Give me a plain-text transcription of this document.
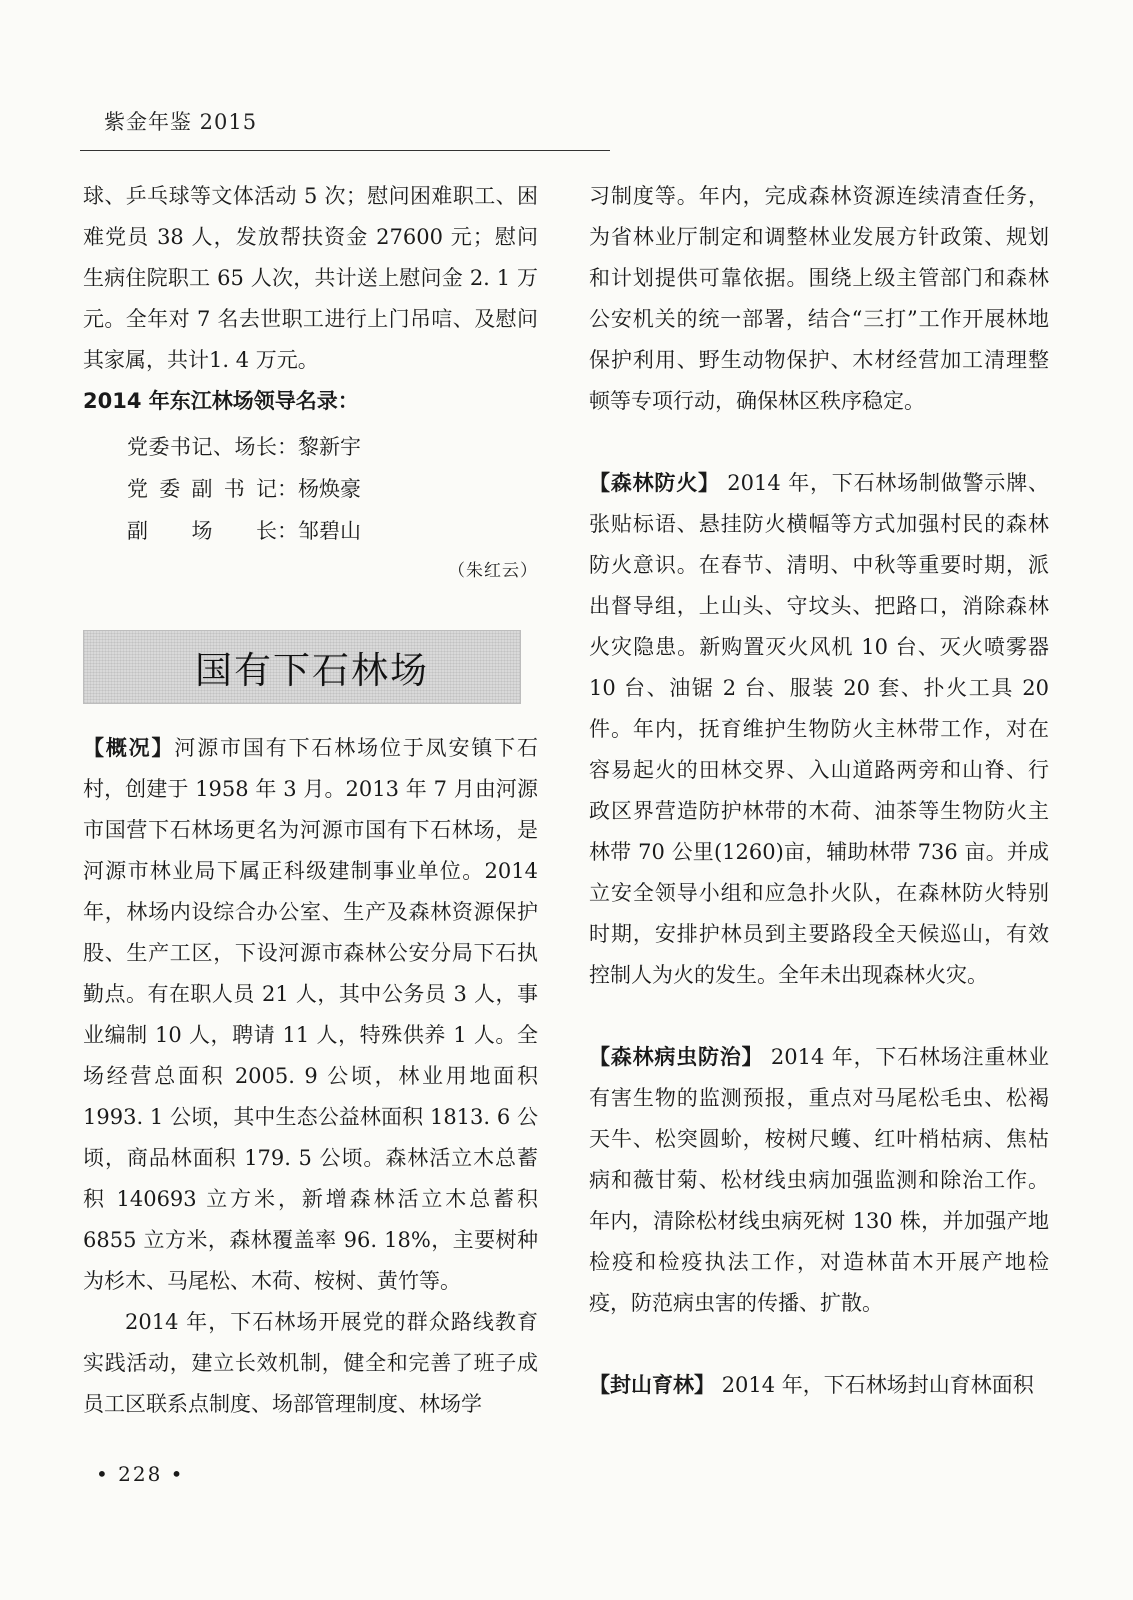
紫金年鉴 2015

球、乒乓球等文体活动 5 次；慰问困难职工、困难党员 38 人，发放帮扶资金 27600 元；慰问生病住院职工 65 人次，共计送上慰问金 2. 1 万元。全年对 7 名去世职工进行上门吊唁、及慰问其家属，共计1. 4 万元。

2014 年东江林场领导名录：

党委书记、场长 ：黎新宇
党委副书记 ：杨焕豪
副场长 ：邹碧山

（朱红云）

国有下石林场

【概况】河源市国有下石林场位于凤安镇下石村，创建于 1958 年 3 月。2013 年 7 月由河源市国营下石林场更名为河源市国有下石林场，是河源市林业局下属正科级建制事业单位。2014 年，林场内设综合办公室、生产及森林资源保护股、生产工区，下设河源市森林公安分局下石执勤点。有在职人员 21 人，其中公务员 3 人，事业编制 10 人，聘请 11 人，特殊供养 1 人。全场经营总面积 2005. 9 公顷，林业用地面积 1993. 1 公顷，其中生态公益林面积 1813. 6 公顷，商品林面积 179. 5 公顷。森林活立木总蓄积 140693 立方米，新增森林活立木总蓄积 6855 立方米，森林覆盖率 96. 18%，主要树种为杉木、马尾松、木荷、桉树、黄竹等。

2014 年，下石林场开展党的群众路线教育实践活动，建立长效机制，健全和完善了班子成员工区联系点制度、场部管理制度、林场学

习制度等。年内，完成森林资源连续清查任务，为省林业厅制定和调整林业发展方针政策、规划和计划提供可靠依据。围绕上级主管部门和森林公安机关的统一部署，结合“三打”工作开展林地保护利用、野生动物保护、木材经营加工清理整顿等专项行动，确保林区秩序稳定。

【森林防火】 2014 年，下石林场制做警示牌、张贴标语、悬挂防火横幅等方式加强村民的森林防火意识。在春节、清明、中秋等重要时期，派出督导组，上山头、守坟头、把路口，消除森林火灾隐患。新购置灭火风机 10 台、灭火喷雾器 10 台、油锯 2 台、服装 20 套、扑火工具 20 件。年内，抚育维护生物防火主林带工作，对在容易起火的田林交界、入山道路两旁和山脊、行政区界营造防护林带的木荷、油茶等生物防火主林带 70 公里(1260)亩，辅助林带 736 亩。并成立安全领导小组和应急扑火队，在森林防火特别时期，安排护林员到主要路段全天候巡山，有效控制人为火的发生。全年未出现森林火灾。

【森林病虫防治】 2014 年，下石林场注重林业有害生物的监测预报，重点对马尾松毛虫、松褐天牛、松突圆蚧，桉树尺蠖、红叶梢枯病、焦枯病和薇甘菊、松材线虫病加强监测和除治工作。年内，清除松材线虫病死树 130 株，并加强产地检疫和检疫执法工作，对造林苗木开展产地检疫，防范病虫害的传播、扩散。

【封山育林】 2014 年，下石林场封山育林面积

• 228 •
